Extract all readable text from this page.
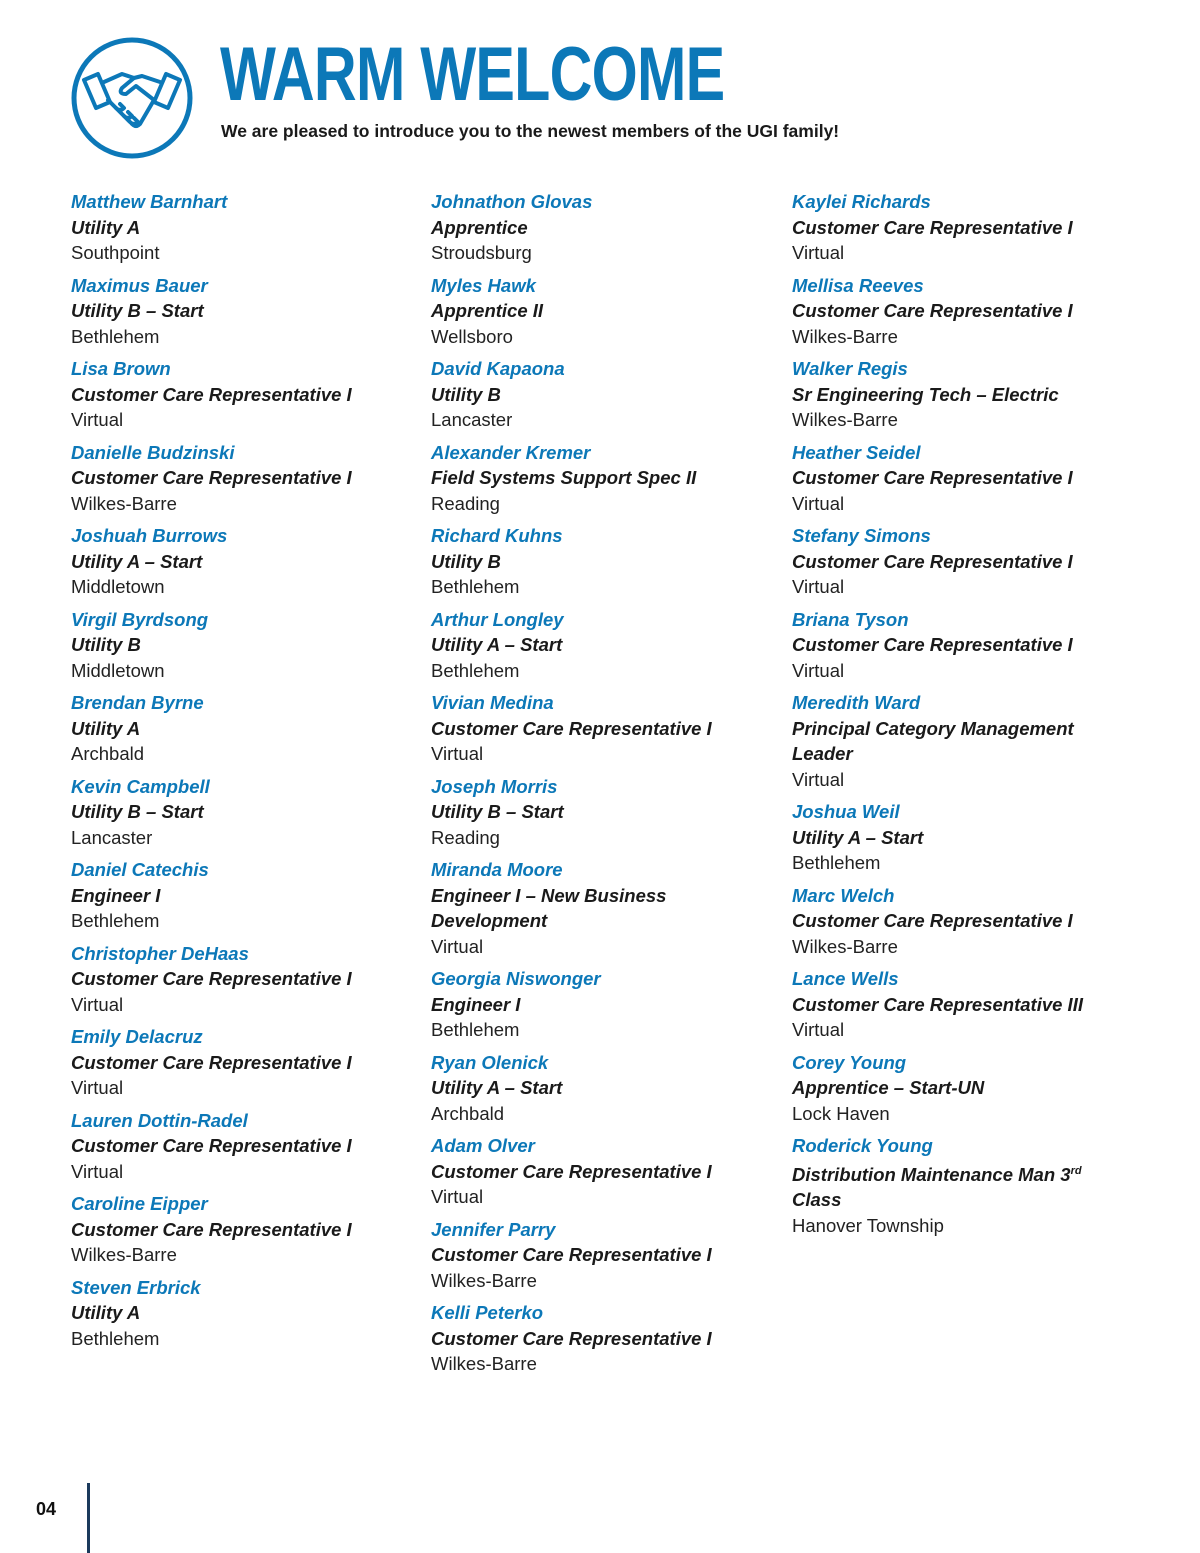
WARM WELCOME
We are pleased to introduce you to the newest members of the UGI family!
Matthew Barnhart
Utility A
Southpoint
Maximus Bauer
Utility B – Start
Bethlehem
Lisa Brown
Customer Care Representative I
Virtual
Danielle Budzinski
Customer Care Representative I
Wilkes-Barre
Joshuah Burrows
Utility A – Start
Middletown
Virgil Byrdsong
Utility B
Middletown
Brendan Byrne
Utility A
Archbald
Kevin Campbell
Utility B – Start
Lancaster
Daniel Catechis
Engineer I
Bethlehem
Christopher DeHaas
Customer Care Representative I
Virtual
Emily Delacruz
Customer Care Representative I
Virtual
Lauren Dottin-Radel
Customer Care Representative I
Virtual
Caroline Eipper
Customer Care Representative I
Wilkes-Barre
Steven Erbrick
Utility A
Bethlehem
Johnathon Glovas
Apprentice
Stroudsburg
Myles Hawk
Apprentice II
Wellsboro
David Kapaona
Utility B
Lancaster
Alexander Kremer
Field Systems Support Spec II
Reading
Richard Kuhns
Utility B
Bethlehem
Arthur Longley
Utility A – Start
Bethlehem
Vivian Medina
Customer Care Representative I
Virtual
Joseph Morris
Utility B – Start
Reading
Miranda Moore
Engineer I – New Business Development
Virtual
Georgia Niswonger
Engineer I
Bethlehem
Ryan Olenick
Utility A – Start
Archbald
Adam Olver
Customer Care Representative I
Virtual
Jennifer Parry
Customer Care Representative I
Wilkes-Barre
Kelli Peterko
Customer Care Representative I
Wilkes-Barre
Kaylei Richards
Customer Care Representative I
Virtual
Mellisa Reeves
Customer Care Representative I
Wilkes-Barre
Walker Regis
Sr Engineering Tech – Electric
Wilkes-Barre
Heather Seidel
Customer Care Representative I
Virtual
Stefany Simons
Customer Care Representative I
Virtual
Briana Tyson
Customer Care Representative I
Virtual
Meredith Ward
Principal Category Management Leader
Virtual
Joshua Weil
Utility A – Start
Bethlehem
Marc Welch
Customer Care Representative I
Wilkes-Barre
Lance Wells
Customer Care Representative III
Virtual
Corey Young
Apprentice – Start-UN
Lock Haven
Roderick Young
Distribution Maintenance Man 3rd Class
Hanover Township
04
